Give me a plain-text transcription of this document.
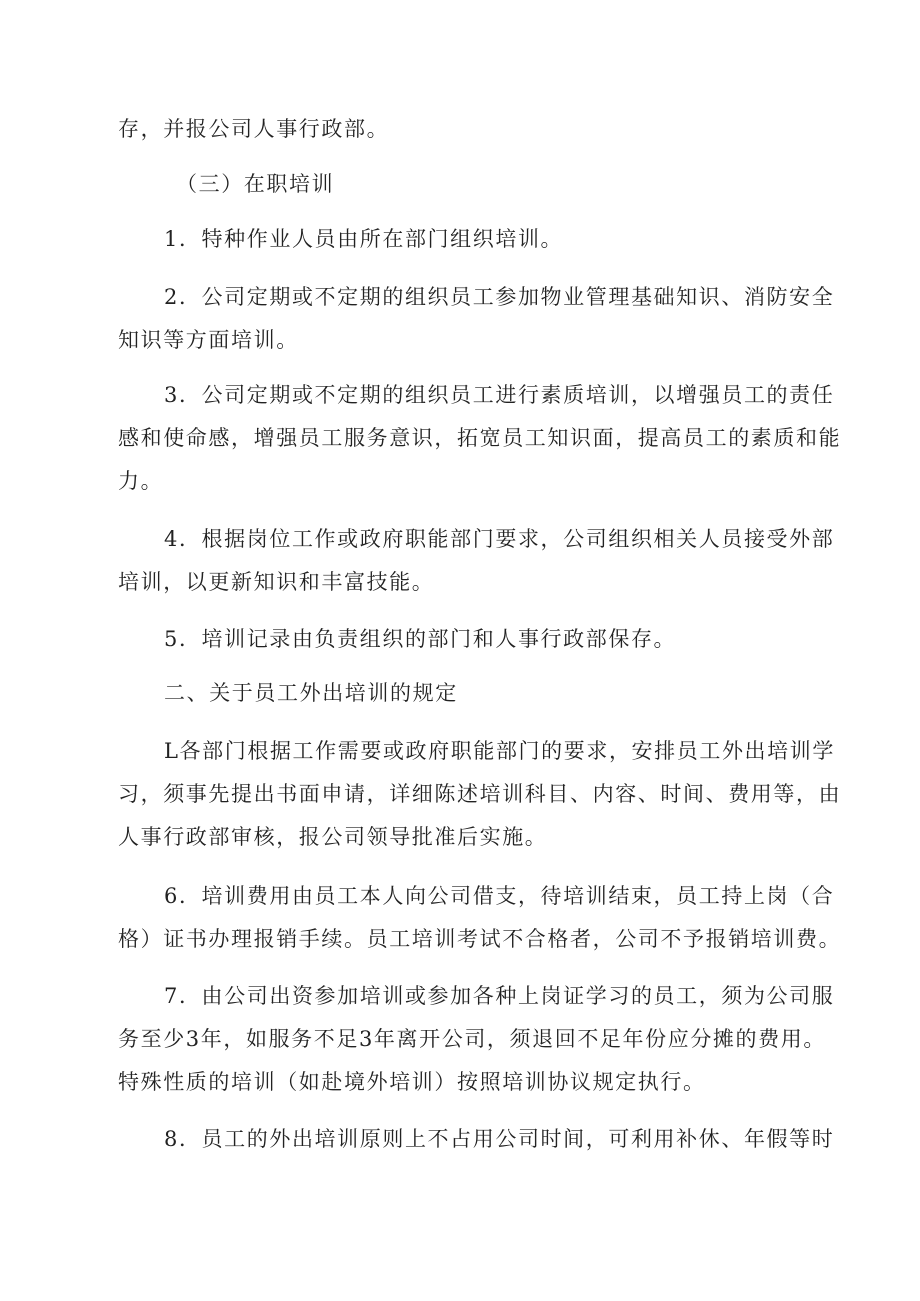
存，并报公司人事行政部。

（三）在职培训

1．特种作业人员由所在部门组织培训。

2．公司定期或不定期的组织员工参加物业管理基础知识、消防安全
知识等方面培训。

3．公司定期或不定期的组织员工进行素质培训，以增强员工的责任
感和使命感，增强员工服务意识，拓宽员工知识面，提高员工的素质和能
力。

4．根据岗位工作或政府职能部门要求，公司组织相关人员接受外部
培训，以更新知识和丰富技能。

5．培训记录由负责组织的部门和人事行政部保存。

二、关于员工外出培训的规定

L各部门根据工作需要或政府职能部门的要求，安排员工外出培训学
习，须事先提出书面申请，详细陈述培训科目、内容、时间、费用等，由
人事行政部审核，报公司领导批准后实施。

6．培训费用由员工本人向公司借支，待培训结束，员工持上岗（合
格）证书办理报销手续。员工培训考试不合格者，公司不予报销培训费。

7．由公司出资参加培训或参加各种上岗证学习的员工，须为公司服
务至少3年，如服务不足3年离开公司，须退回不足年份应分摊的费用。
特殊性质的培训（如赴境外培训）按照培训协议规定执行。

8．员工的外出培训原则上不占用公司时间，可利用补休、年假等时
